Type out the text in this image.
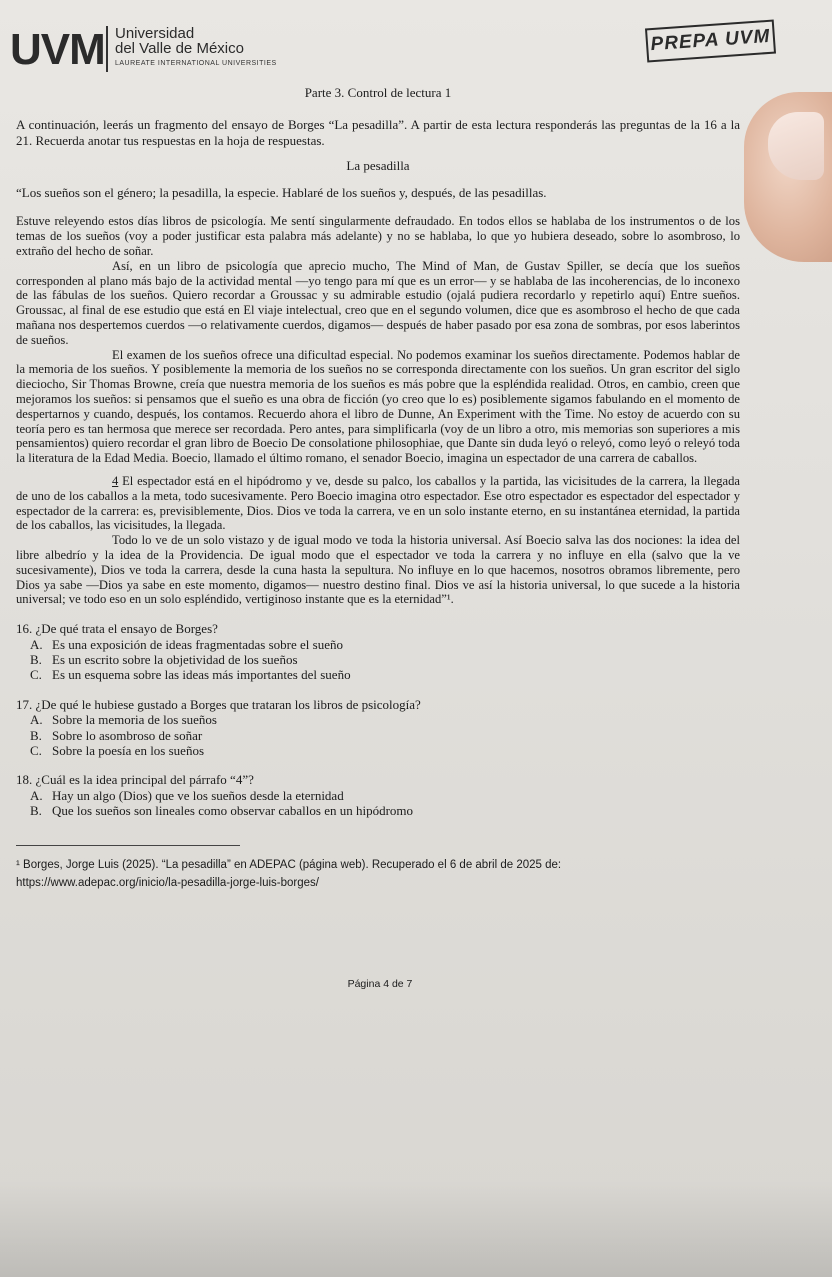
UVM Universidad
del Valle de México
LAUREATE INTERNATIONAL UNIVERSITIES
PREPA UVM

Parte 3. Control de lectura 1

A continuación, leerás un fragmento del ensayo de Borges “La pesadilla”. A partir de esta lectura responderás las preguntas de la 16 a la 21. Recuerda anotar tus respuestas en la hoja de respuestas.

La pesadilla

“Los sueños son el género; la pesadilla, la especie. Hablaré de los sueños y, después, de las pesadillas.

Estuve releyendo estos días libros de psicología. Me sentí singularmente defraudado. En todos ellos se hablaba de los instrumentos o de los temas de los sueños (voy a poder justificar esta palabra más adelante) y no se hablaba, lo que yo hubiera deseado, sobre lo asombroso, lo extraño del hecho de soñar.

Así, en un libro de psicología que aprecio mucho, The Mind of Man, de Gustav Spiller, se decía que los sueños corresponden al plano más bajo de la actividad mental —yo tengo para mí que es un error— y se hablaba de las incoherencias, de lo inconexo de las fábulas de los sueños. Quiero recordar a Groussac y su admirable estudio (ojalá pudiera recordarlo y repetirlo aquí) Entre sueños. Groussac, al final de ese estudio que está en El viaje intelectual, creo que en el segundo volumen, dice que es asombroso el hecho de que cada mañana nos despertemos cuerdos —o relativamente cuerdos, digamos— después de haber pasado por esa zona de sombras, por esos laberintos de sueños.

El examen de los sueños ofrece una dificultad especial. No podemos examinar los sueños directamente. Podemos hablar de la memoria de los sueños. Y posiblemente la memoria de los sueños no se corresponda directamente con los sueños. Un gran escritor del siglo dieciocho, Sir Thomas Browne, creía que nuestra memoria de los sueños es más pobre que la espléndida realidad. Otros, en cambio, creen que mejoramos los sueños: si pensamos que el sueño es una obra de ficción (yo creo que lo es) posiblemente sigamos fabulando en el momento de despertarnos y cuando, después, los contamos. Recuerdo ahora el libro de Dunne, An Experiment with the Time. No estoy de acuerdo con su teoría pero es tan hermosa que merece ser recordada. Pero antes, para simplificarla (voy de un libro a otro, mis memorias son superiores a mis pensamientos) quiero recordar el gran libro de Boecio De consolatione philosophiae, que Dante sin duda leyó o releyó, como leyó o releyó toda la literatura de la Edad Media. Boecio, llamado el último romano, el senador Boecio, imagina un espectador de una carrera de caballos.

4 El espectador está en el hipódromo y ve, desde su palco, los caballos y la partida, las vicisitudes de la carrera, la llegada de uno de los caballos a la meta, todo sucesivamente. Pero Boecio imagina otro espectador. Ese otro espectador es espectador del espectador y espectador de la carrera: es, previsiblemente, Dios. Dios ve toda la carrera, ve en un solo instante eterno, en su instantánea eternidad, la partida de los caballos, las vicisitudes, la llegada.

Todo lo ve de un solo vistazo y de igual modo ve toda la historia universal. Así Boecio salva las dos nociones: la idea del libre albedrío y la idea de la Providencia. De igual modo que el espectador ve toda la carrera y no influye en ella (salvo que la ve sucesivamente), Dios ve toda la carrera, desde la cuna hasta la sepultura. No influye en lo que hacemos, nosotros obramos libremente, pero Dios ya sabe —Dios ya sabe en este momento, digamos— nuestro destino final. Dios ve así la historia universal, lo que sucede a la historia universal; ve todo eso en un solo espléndido, vertiginoso instante que es la eternidad”¹.

16. ¿De qué trata el ensayo de Borges?

A. Es una exposición de ideas fragmentadas sobre el sueño

B. Es un escrito sobre la objetividad de los sueños

C. Es un esquema sobre las ideas más importantes del sueño

17. ¿De qué le hubiese gustado a Borges que trataran los libros de psicología?

A. Sobre la memoria de los sueños

B. Sobre lo asombroso de soñar

C. Sobre la poesía en los sueños

18. ¿Cuál es la idea principal del párrafo “4”?

A. Hay un algo (Dios) que ve los sueños desde la eternidad

B. Que los sueños son lineales como observar caballos en un hipódromo

¹ Borges, Jorge Luis (2025). “La pesadilla” en ADEPAC (página web). Recuperado el 6 de abril de 2025 de:

https://www.adepac.org/inicio/la-pesadilla-jorge-luis-borges/

Página 4 de 7
